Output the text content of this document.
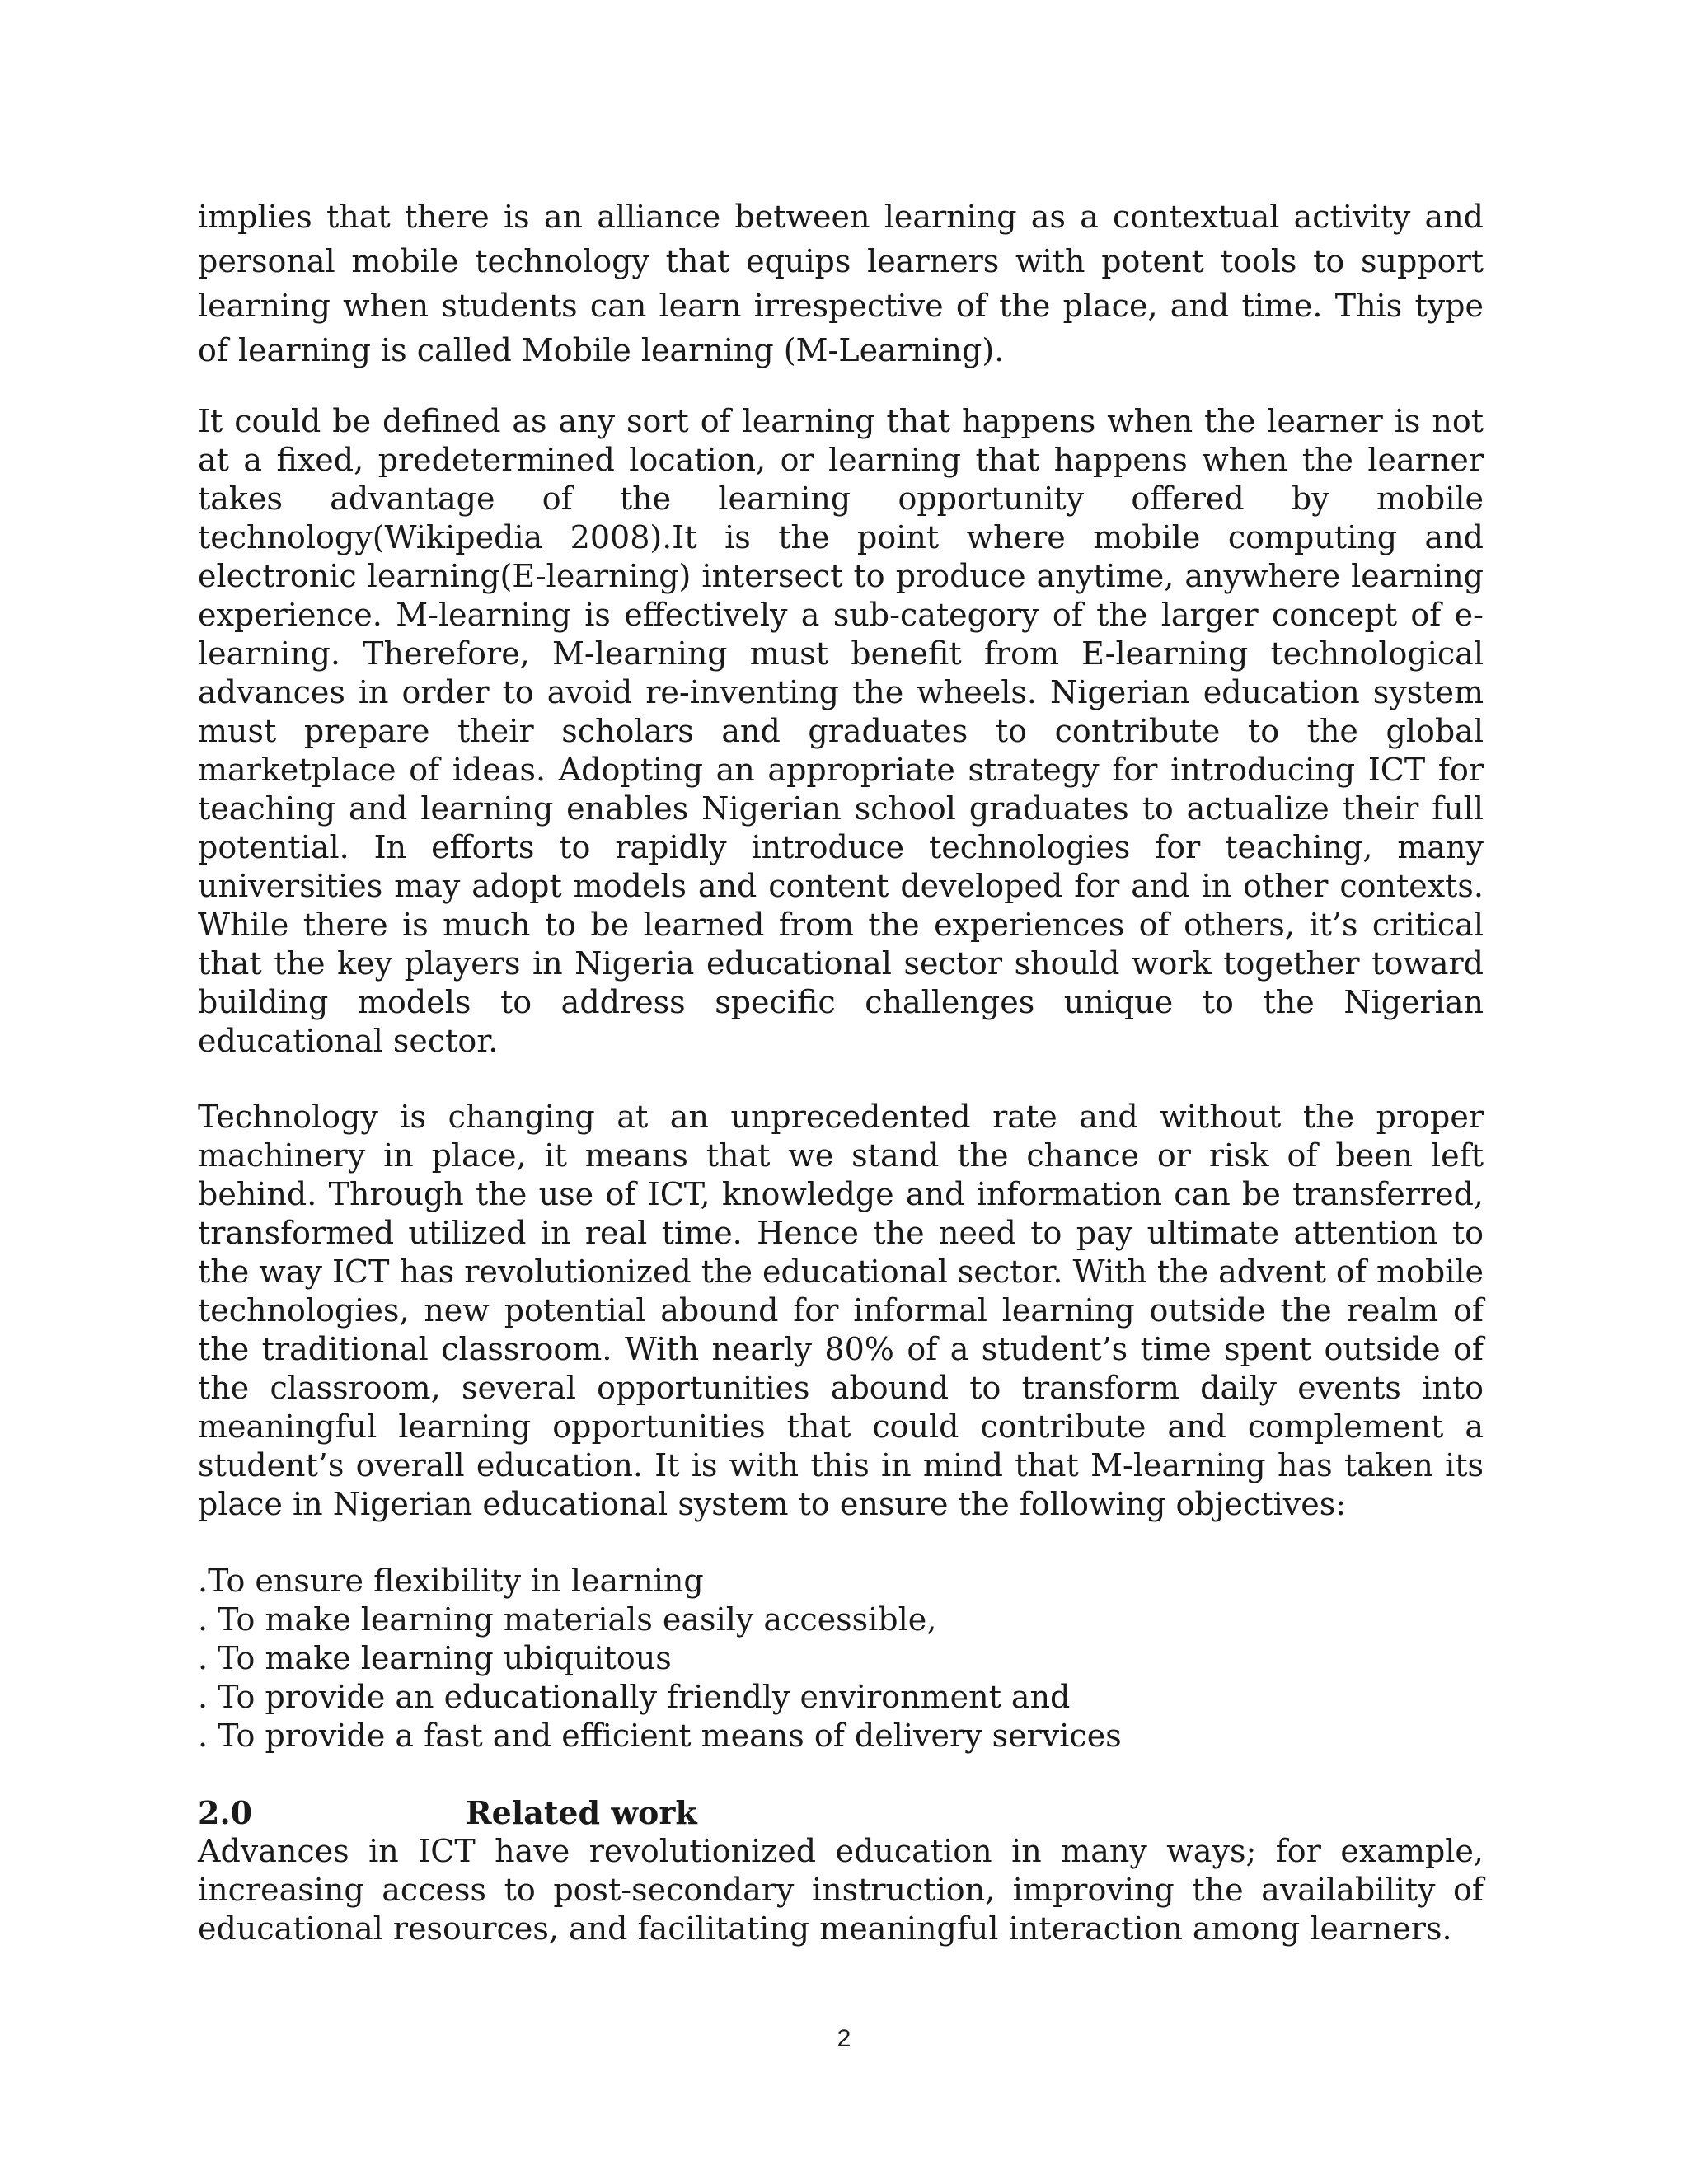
implies that there is an alliance between learning as a contextual activity and personal mobile technology that equips learners with potent tools to support learning when students can learn irrespective of the place, and time. This type of learning is called Mobile learning (M-Learning).

It could be defined as any sort of learning that happens when the learner is not at a fixed, predetermined location, or learning that happens when the learner takes advantage of the learning opportunity offered by mobile technology(Wikipedia 2008).It is the point where mobile computing and electronic learning(E-learning) intersect to produce anytime, anywhere learning experience. M-learning is effectively a sub-category of the larger concept of e-learning. Therefore, M-learning must benefit from E-learning technological advances in order to avoid re-inventing the wheels. Nigerian education system must prepare their scholars and graduates to contribute to the global marketplace of ideas. Adopting an appropriate strategy for introducing ICT for teaching and learning enables Nigerian school graduates to actualize their full potential. In efforts to rapidly introduce technologies for teaching, many universities may adopt models and content developed for and in other contexts. While there is much to be learned from the experiences of others, it’s critical that the key players in Nigeria educational sector should work together toward building models to address specific challenges unique to the Nigerian educational sector.

Technology is changing at an unprecedented rate and without the proper machinery in place, it means that we stand the chance or risk of been left behind. Through the use of ICT, knowledge and information can be transferred, transformed utilized in real time. Hence the need to pay ultimate attention to the way ICT has revolutionized the educational sector. With the advent of mobile technologies, new potential abound for informal learning outside the realm of the traditional classroom. With nearly 80% of a student’s time spent outside of the classroom, several opportunities abound to transform daily events into meaningful learning opportunities that could contribute and complement a student’s overall education. It is with this in mind that M-learning has taken its place in Nigerian educational system to ensure the following objectives:

.To ensure flexibility in learning
. To make learning materials easily accessible,
. To make learning ubiquitous
. To provide an educationally friendly environment and
. To provide a fast and efficient means of delivery services
2.0	Related work

Advances in ICT have revolutionized education in many ways; for example, increasing access to post-secondary instruction, improving the availability of educational resources, and facilitating meaningful interaction among learners.

2
